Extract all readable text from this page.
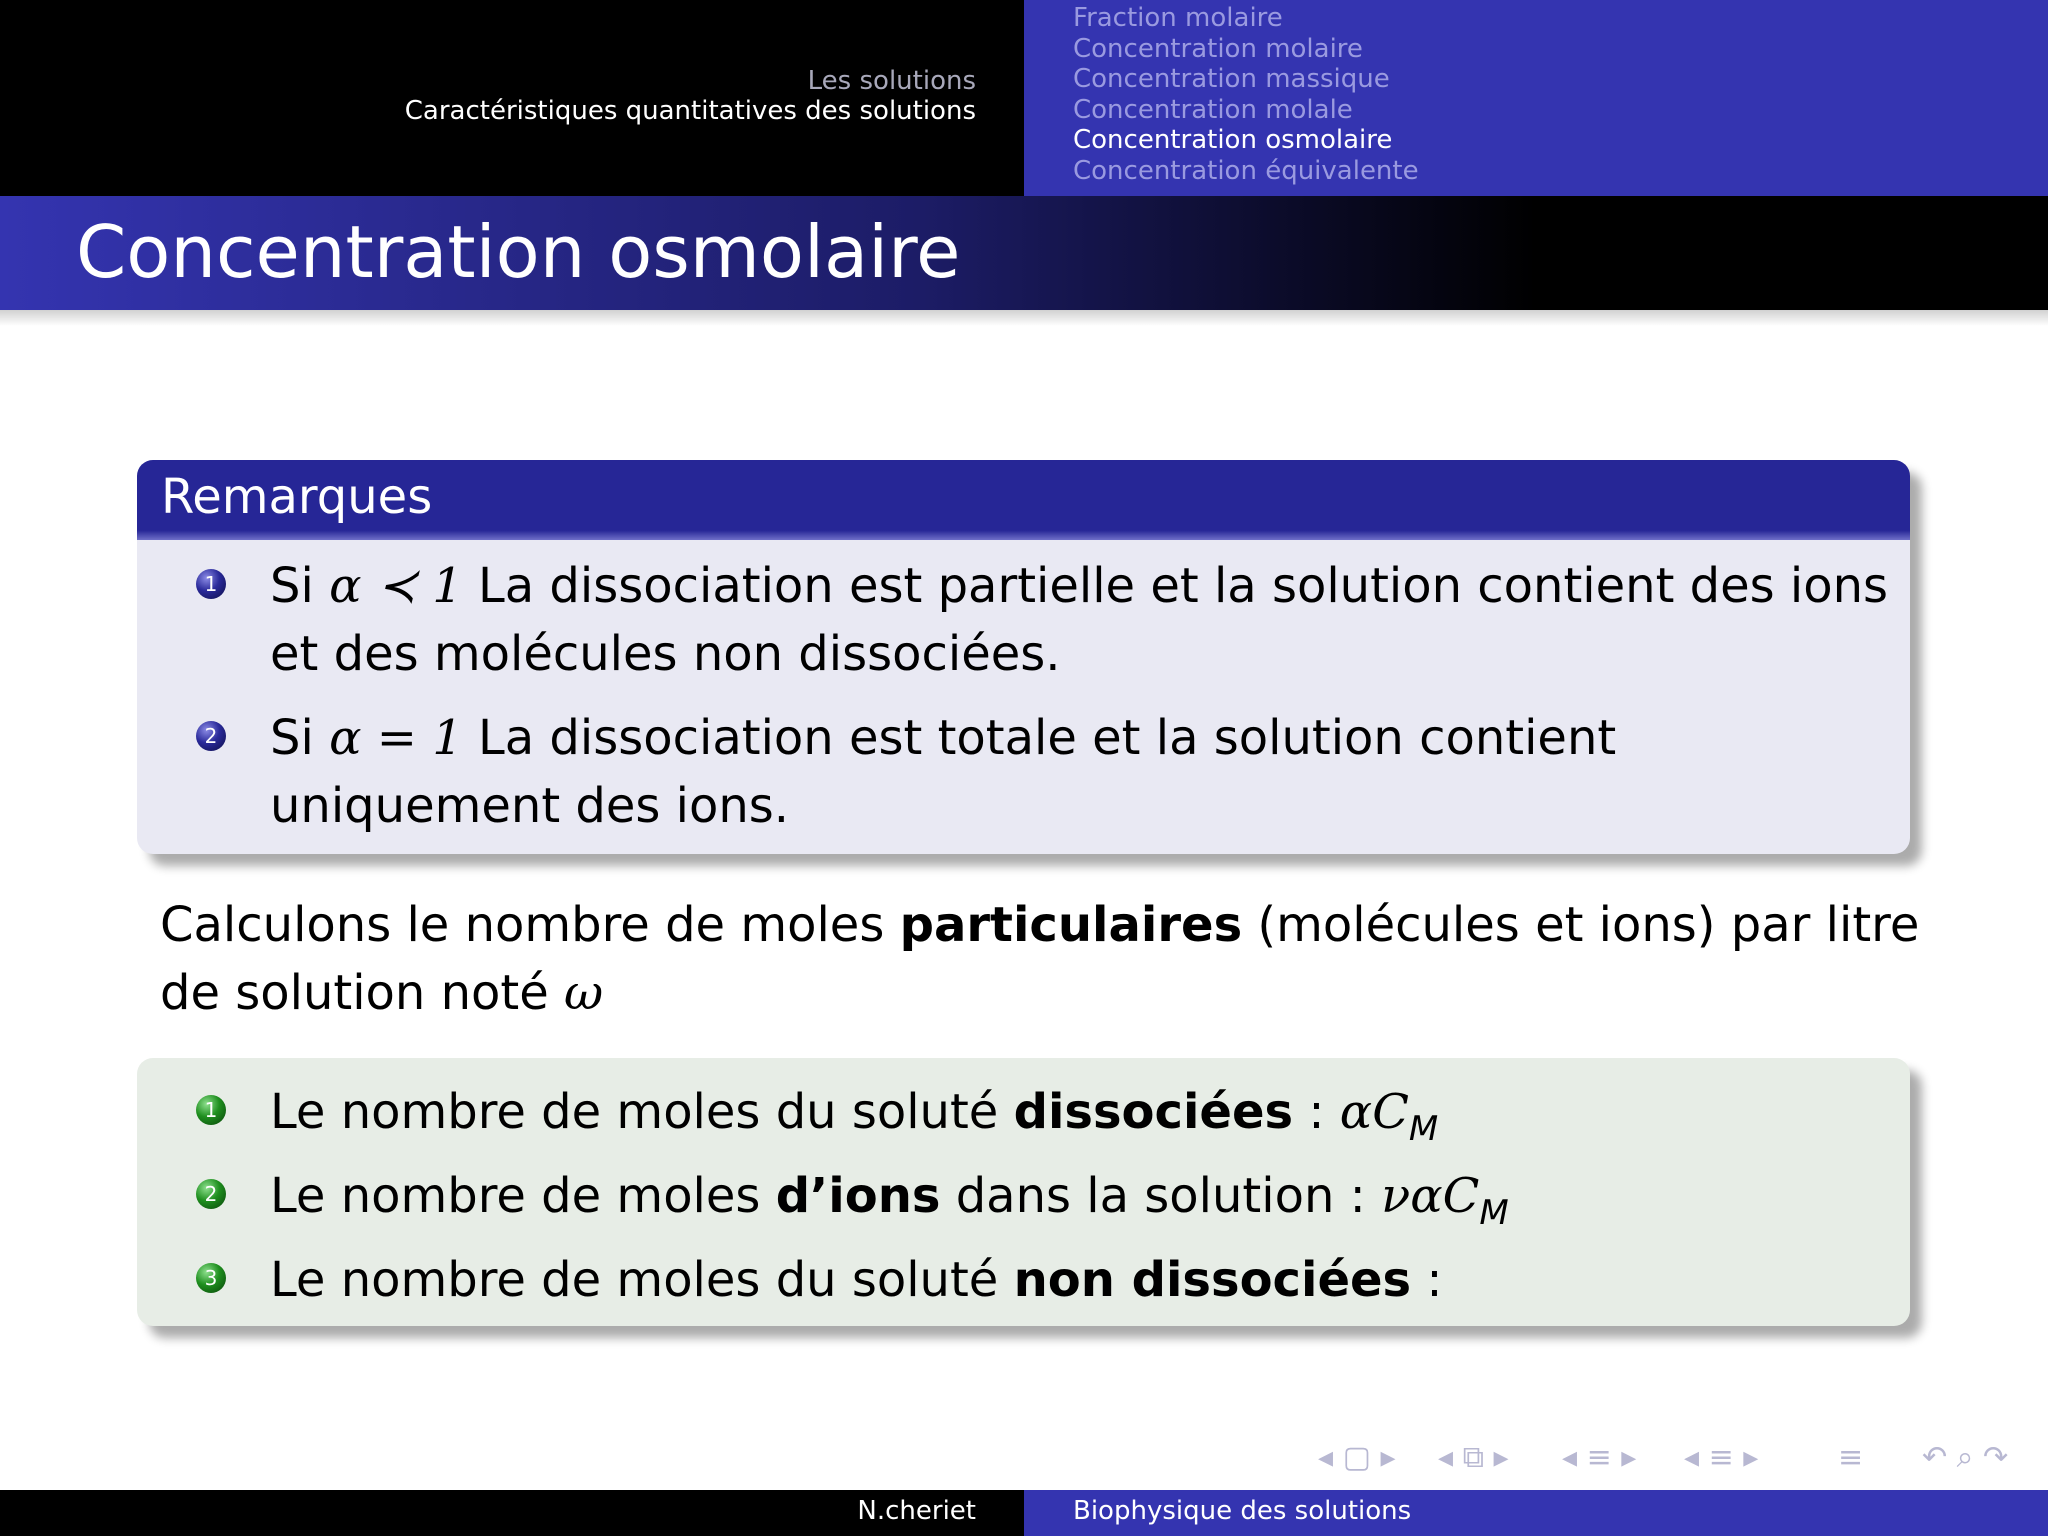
Les solutions
Caractéristiques quantitatives des solutions
Fraction molaire
Concentration molaire
Concentration massique
Concentration molale
Concentration osmolaire
Concentration équivalente
Concentration osmolaire
Remarques
1 Si α ≺ 1 La dissociation est partielle et la solution contient des ions
et des molécules non dissociées.
2 Si α = 1 La dissociation est totale et la solution contient
uniquement des ions.
Calculons le nombre de moles particulaires (molécules et ions) par litre
de solution noté ω
1 Le nombre de moles du soluté dissociées : $\alpha C_M$
2 Le nombre de moles d’ions dans la solution : ναC$_M$
3 Le nombre de moles du soluté non dissociées :
◂ ▢ ▸ ◂ ⧉ ▸ ◂ ≡ ▸ ◂ ≡ ▸	≡ ↶ ⌕ ↷
N.cheriet	Biophysique des solutions
